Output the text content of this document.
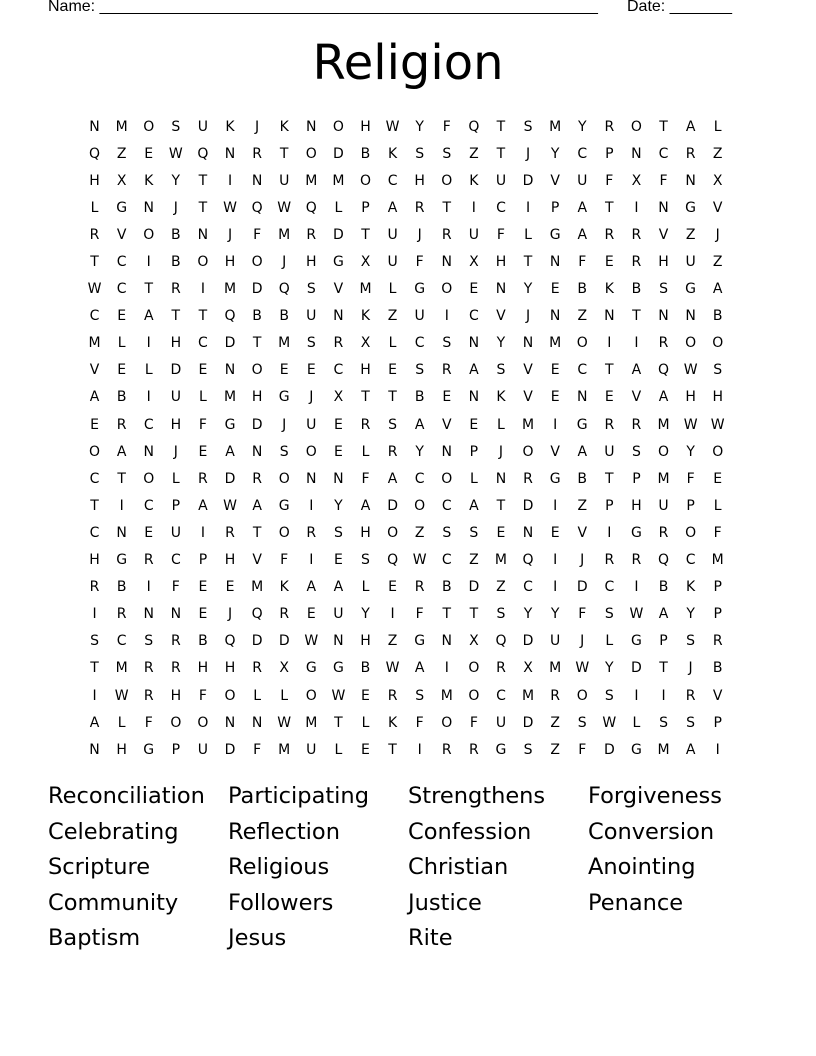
Name: ________________________________________________________ Date: _______
Religion
N	M	O	S	U	K	J	K	N	O	H	W	Y	F	Q	T	S	M	Y	R	O	T	A	L
Q	Z	E	W	Q	N	R	T	O	D	B	K	S	S	Z	T	J	Y	C	P	N	C	R	Z
H	X	K	Y	T	I	N	U	M	M	O	C	H	O	K	U	D	V	U	F	X	F	N	X
L	G	N	J	T	W	Q	W	Q	L	P	A	R	T	I	C	I	P	A	T	I	N	G	V
R	V	O	B	N	J	F	M	R	D	T	U	J	R	U	F	L	G	A	R	R	V	Z	J
T	C	I	B	O	H	O	J	H	G	X	U	F	N	X	H	T	N	F	E	R	H	U	Z
W	C	T	R	I	M	D	Q	S	V	M	L	G	O	E	N	Y	E	B	K	B	S	G	A
C	E	A	T	T	Q	B	B	U	N	K	Z	U	I	C	V	J	N	Z	N	T	N	N	B
M	L	I	H	C	D	T	M	S	R	X	L	C	S	N	Y	N	M	O	I	I	R	O	O
V	E	L	D	E	N	O	E	E	C	H	E	S	R	A	S	V	E	C	T	A	Q	W	S
A	B	I	U	L	M	H	G	J	X	T	T	B	E	N	K	V	E	N	E	V	A	H	H
E	R	C	H	F	G	D	J	U	E	R	S	A	V	E	L	M	I	G	R	R	M	W W
O	A	N	J	E	A	N	S	O	E	L	R	Y	N	P	J	O	V	A	U	S	O	Y	O
C	T	O	L	R	D	R	O	N	N	F	A	C	O	L	N	R	G	B	T	P	M	F	E
T	I	C	P	A	W	A	G	I	Y	A	D	O	C	A	T	D	I	Z	P	H	U	P	L
C	N	E	U	I	R	T	O	R	S	H	O	Z	S	S	E	N	E	V	I	G	R	O	F
H	G	R	C	P	H	V	F	I	E	S	Q	W	C	Z	M	Q	I	J	R	R	Q	C	M
R	B	I	F	E	E	M	K	A	A	L	E	R	B	D	Z	C	I	D	C	I	B	K	P
I	R	N	N	E	J	Q	R	E	U	Y	I	F	T	T	S	Y	Y	F	S	W	A	Y	P
S	C	S	R	B	Q	D	D	W	N	H	Z	G	N	X	Q	D	U	J	L	G	P	S	R
T	M	R	R	H	H	R	X	G	G	B	W	A	I	O	R	X	M	W	Y	D	T	J	B
I	W	R	H	F	O	L	L	O	W	E	R	S	M	O	C	M	R	O	S	I	I	R	V
A	L	F	O	O	N	N	W	M	T	L	K	F	O	F	U	D	Z	S	W	L	S	S	P
N	H	G	P	U	D	F	M	U	L	E	T	I	R	R	G	S	Z	F	D	G	M	A	I
Reconciliation	Participating	Strengthens	Forgiveness
Celebrating	Reflection	Confession	Conversion
Scripture	Religious	Christian	Anointing
Community	Followers	Justice	Penance
Baptism	Jesus	Rite
